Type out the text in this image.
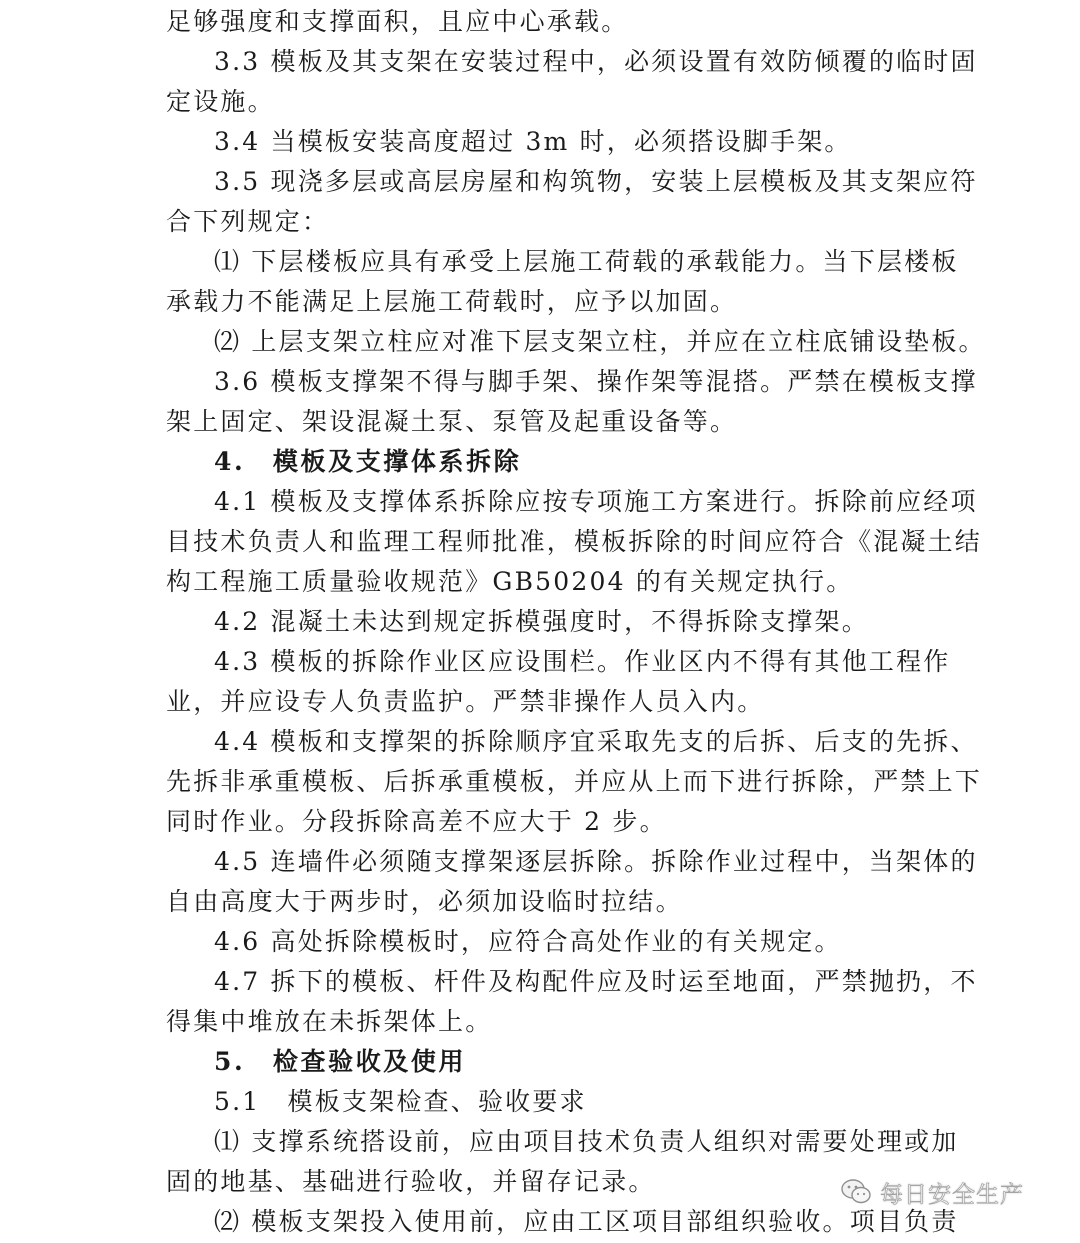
足够强度和支撑面积，且应中心承载。
3.3 模板及其支架在安装过程中，必须设置有效防倾覆的临时固
定设施。
3.4 当模板安装高度超过 3m 时，必须搭设脚手架。
3.5 现浇多层或高层房屋和构筑物，安装上层模板及其支架应符
合下列规定：
⑴ 下层楼板应具有承受上层施工荷载的承载能力。当下层楼板
承载力不能满足上层施工荷载时，应予以加固。
⑵ 上层支架立柱应对准下层支架立柱，并应在立柱底铺设垫板。
3.6 模板支撑架不得与脚手架、操作架等混搭。严禁在模板支撑
架上固定、架设混凝土泵、泵管及起重设备等。
4.　模板及支撑体系拆除
4.1 模板及支撑体系拆除应按专项施工方案进行。拆除前应经项
目技术负责人和监理工程师批准，模板拆除的时间应符合《混凝土结
构工程施工质量验收规范》GB50204 的有关规定执行。
4.2 混凝土未达到规定拆模强度时，不得拆除支撑架。
4.3 模板的拆除作业区应设围栏。作业区内不得有其他工程作
业，并应设专人负责监护。严禁非操作人员入内。
4.4 模板和支撑架的拆除顺序宜采取先支的后拆、后支的先拆、
先拆非承重模板、后拆承重模板，并应从上而下进行拆除，严禁上下
同时作业。分段拆除高差不应大于 2 步。
4.5 连墙件必须随支撑架逐层拆除。拆除作业过程中，当架体的
自由高度大于两步时，必须加设临时拉结。
4.6 高处拆除模板时，应符合高处作业的有关规定。
4.7 拆下的模板、杆件及构配件应及时运至地面，严禁抛扔，不
得集中堆放在未拆架体上。
5.　检查验收及使用
5.1　模板支架检查、验收要求
⑴ 支撑系统搭设前，应由项目技术负责人组织对需要处理或加
固的地基、基础进行验收，并留存记录。
⑵ 模板支架投入使用前，应由工区项目部组织验收。项目负责
每日安全生产
